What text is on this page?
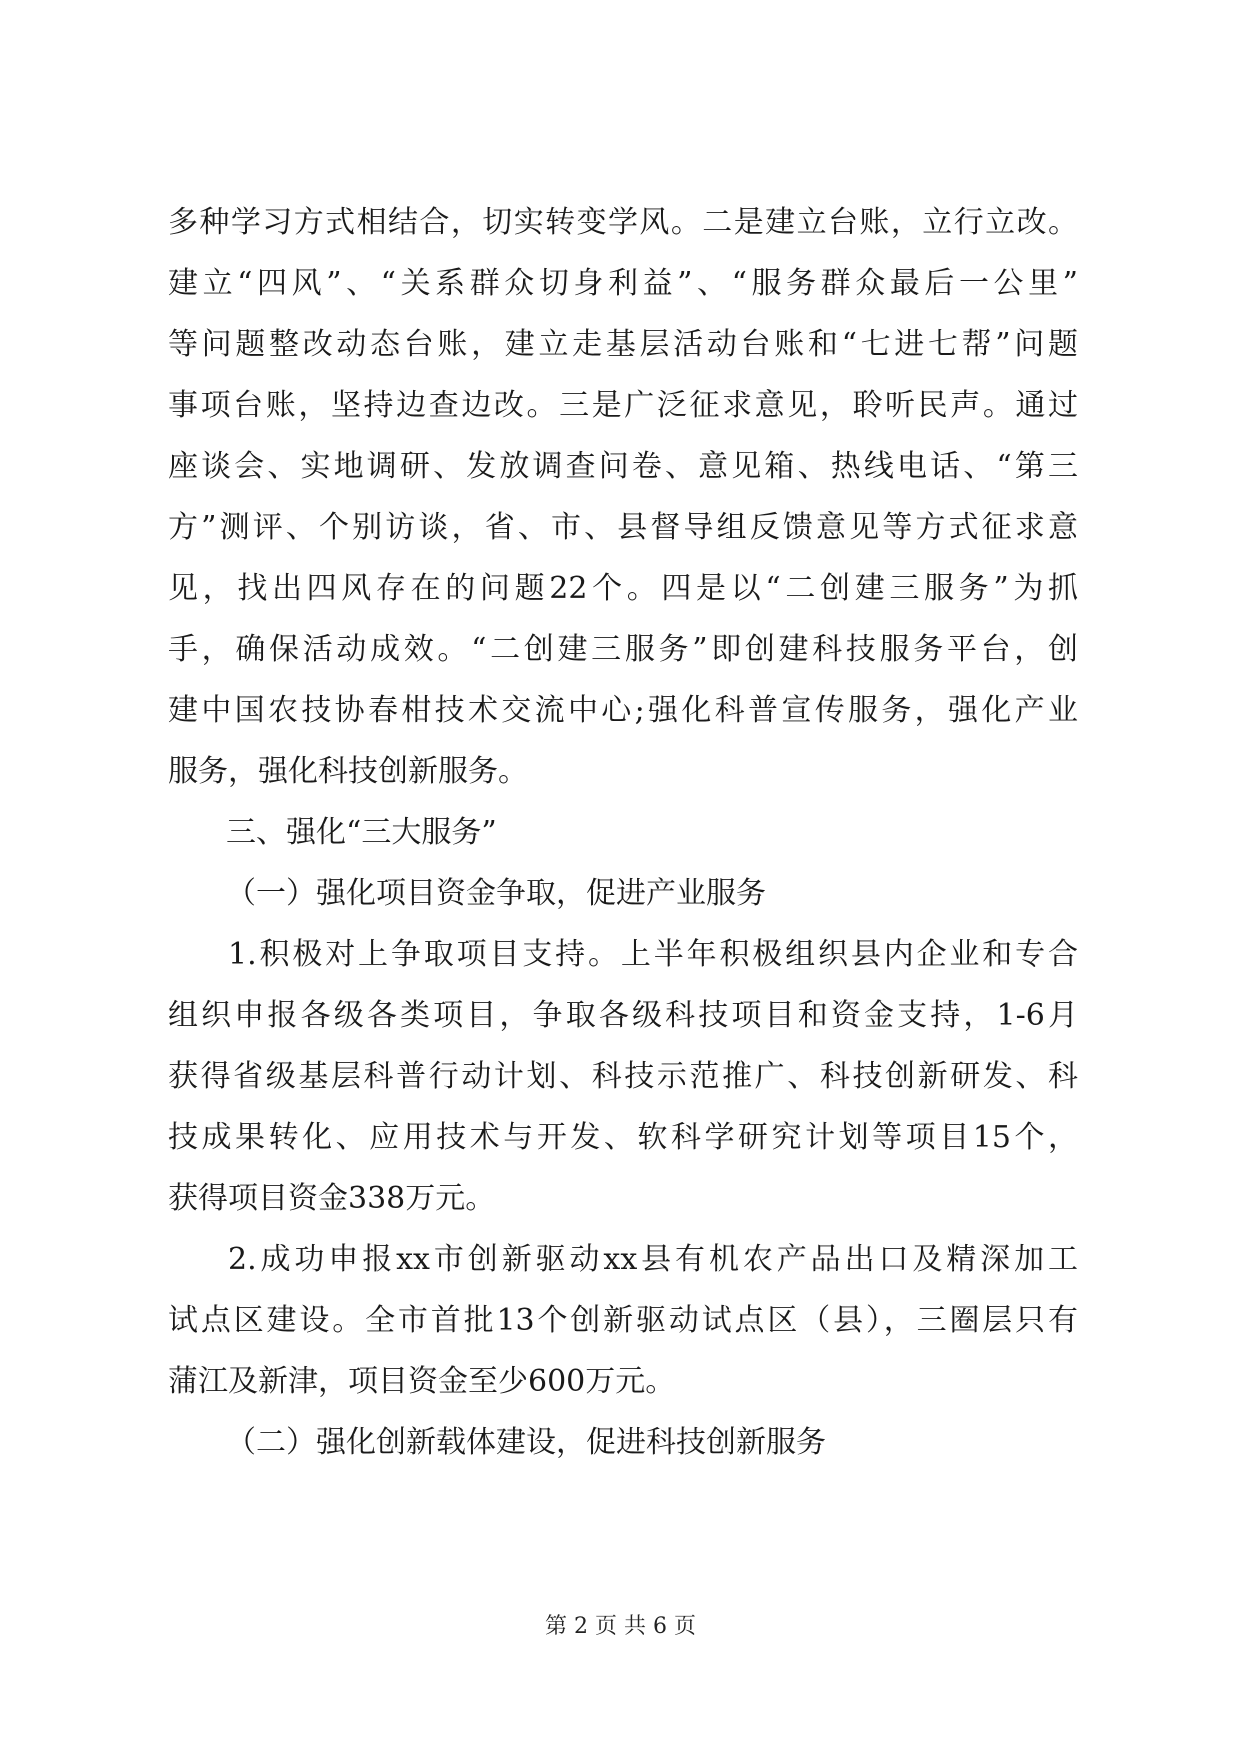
多种学习方式相结合，切实转变学风。二是建立台账，立行立改。
建立“四风”、“关系群众切身利益”、“服务群众最后一公里”
等问题整改动态台账，建立走基层活动台账和“七进七帮”问题
事项台账，坚持边查边改。三是广泛征求意见，聆听民声。通过
座谈会、实地调研、发放调查问卷、意见箱、热线电话、“第三
方”测评、个别访谈，省、市、县督导组反馈意见等方式征求意
见，找出四风存在的问题22个。四是以“二创建三服务”为抓
手，确保活动成效。“二创建三服务”即创建科技服务平台，创
建中国农技协春柑技术交流中心;强化科普宣传服务，强化产业
服务，强化科技创新服务。
三、强化“三大服务”
（一）强化项目资金争取，促进产业服务
1.积极对上争取项目支持。上半年积极组织县内企业和专合
组织申报各级各类项目，争取各级科技项目和资金支持，1-6月
获得省级基层科普行动计划、科技示范推广、科技创新研发、科
技成果转化、应用技术与开发、软科学研究计划等项目15个，
获得项目资金338万元。
2.成功申报xx市创新驱动xx县有机农产品出口及精深加工
试点区建设。全市首批13个创新驱动试点区（县），三圈层只有
蒲江及新津，项目资金至少600万元。
（二）强化创新载体建设，促进科技创新服务
第 2 页 共 6 页
